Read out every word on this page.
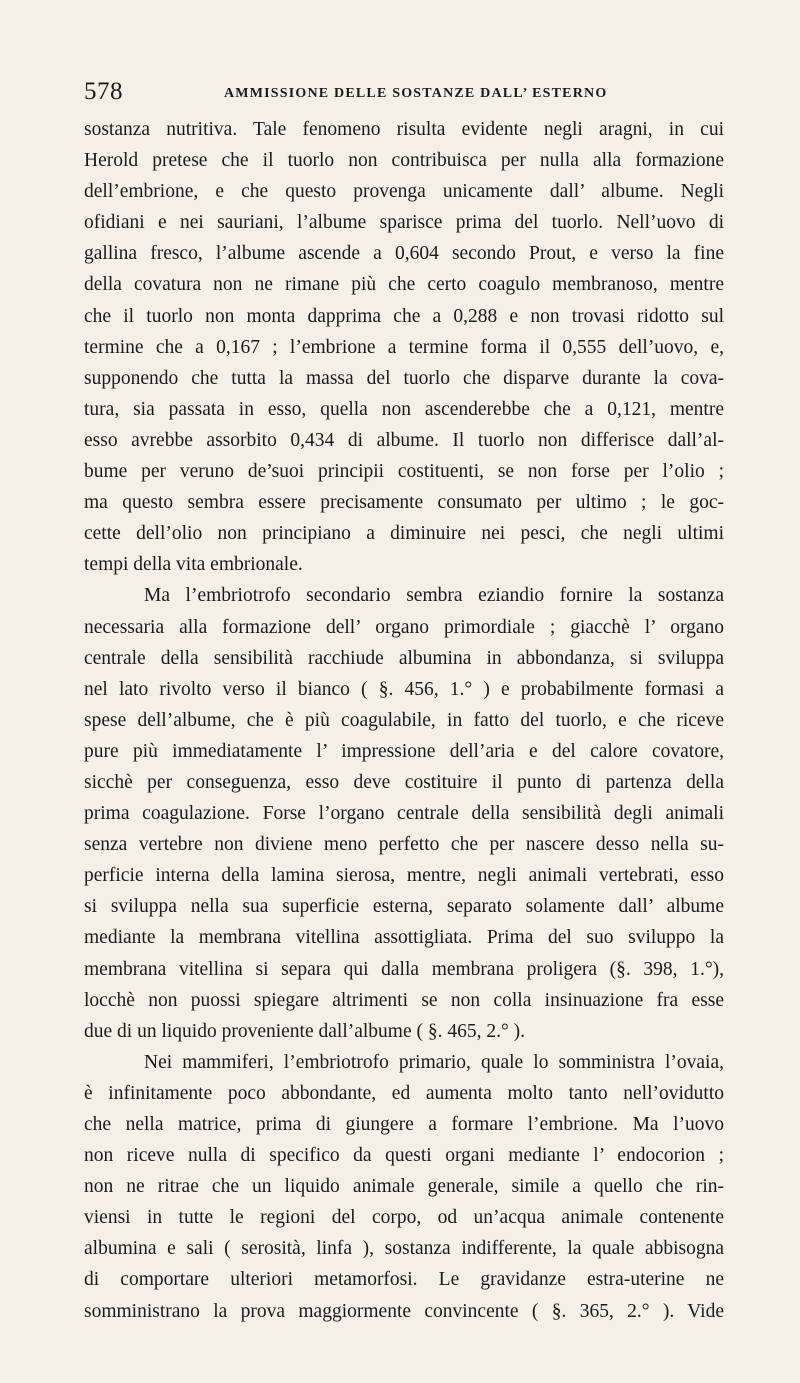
578	AMMISSIONE DELLE SOSTANZE DALL’ ESTERNO
sostanza nutritiva. Tale fenomeno risulta evidente negli aragni, in cui
Herold pretese che il tuorlo non contribuisca per nulla alla formazione
dell’embrione, e che questo provenga unicamente dall’ albume. Negli
ofidiani e nei sauriani, l’albume sparisce prima del tuorlo. Nell’uovo di
gallina fresco, l’albume ascende a 0,604 secondo Prout, e verso la fine
della covatura non ne rimane più che certo coagulo membranoso, mentre
che il tuorlo non monta dapprima che a 0,288 e non trovasi ridotto sul
termine che a 0,167 ; l’embrione a termine forma il 0,555 dell’uovo, e,
supponendo che tutta la massa del tuorlo che disparve durante la cova-
tura, sia passata in esso, quella non ascenderebbe che a 0,121, mentre
esso avrebbe assorbito 0,434 di albume. Il tuorlo non differisce dall’al-
bume per veruno de’suoi principii costituenti, se non forse per l’olio ;
ma questo sembra essere precisamente consumato per ultimo ; le goc-
cette dell’olio non principiano a diminuire nei pesci, che negli ultimi
tempi della vita embrionale.
Ma l’embriotrofo secondario sembra eziandio fornire la sostanza
necessaria alla formazione dell’ organo primordiale ; giacchè l’ organo
centrale della sensibilità racchiude albumina in abbondanza, si sviluppa
nel lato rivolto verso il bianco ( §. 456, 1.° ) e probabilmente formasi a
spese dell’albume, che è più coagulabile, in fatto del tuorlo, e che riceve
pure più immediatamente l’ impressione dell’aria e del calore covatore,
sicchè per conseguenza, esso deve costituire il punto di partenza della
prima coagulazione. Forse l’organo centrale della sensibilità degli animali
senza vertebre non diviene meno perfetto che per nascere desso nella su-
perficie interna della lamina sierosa, mentre, negli animali vertebrati, esso
si sviluppa nella sua superficie esterna, separato solamente dall’ albume
mediante la membrana vitellina assottigliata. Prima del suo sviluppo la
membrana vitellina si separa qui dalla membrana proligera (§. 398, 1.°),
locchè non puossi spiegare altrimenti se non colla insinuazione fra esse
due di un liquido proveniente dall’albume ( §. 465, 2.° ).
Nei mammiferi, l’embriotrofo primario, quale lo somministra l’ovaia,
è infinitamente poco abbondante, ed aumenta molto tanto nell’ovidutto
che nella matrice, prima di giungere a formare l’embrione. Ma l’uovo
non riceve nulla di specifico da questi organi mediante l’ endocorion ;
non ne ritrae che un liquido animale generale, simile a quello che rin-
viensi in tutte le regioni del corpo, od un’acqua animale contenente
albumina e sali ( serosità, linfa ), sostanza indifferente, la quale abbisogna
di comportare ulteriori metamorfosi. Le gravidanze estra-uterine ne
somministrano la prova maggiormente convincente ( §. 365, 2.° ). Vide
